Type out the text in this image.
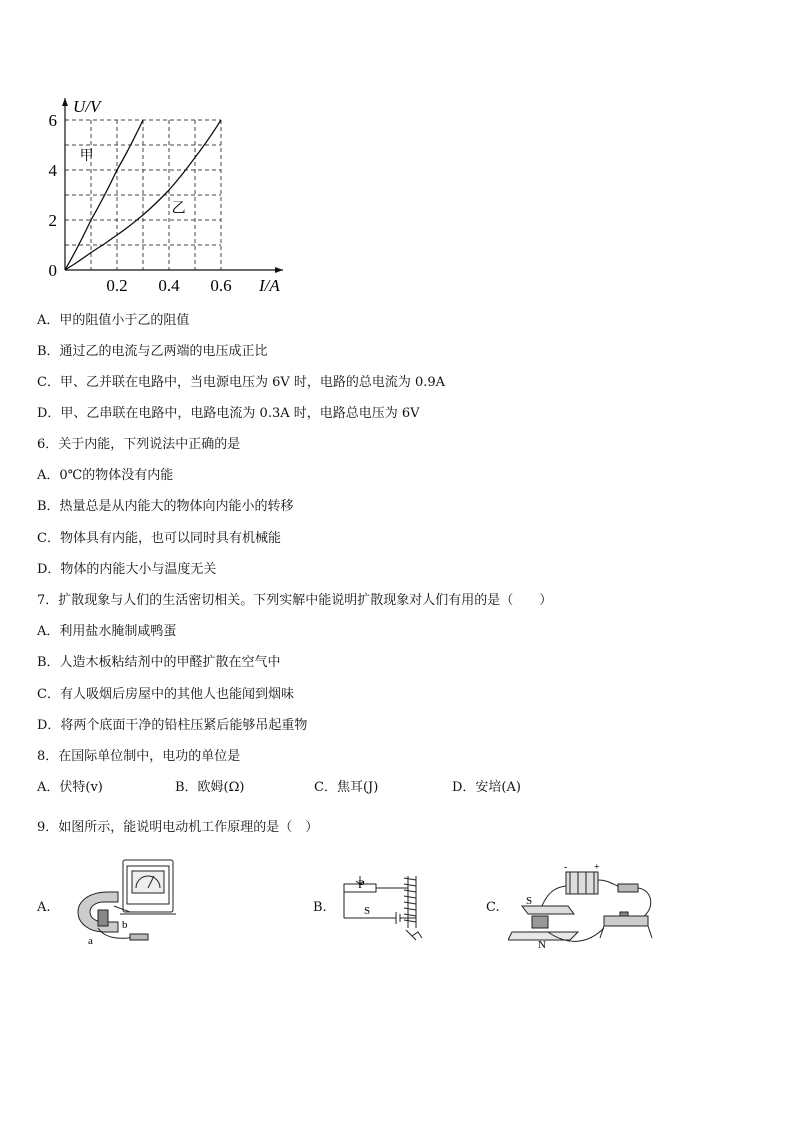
甲
乙
0
2
4
6
0.2 0.4 0.6
U/V
I/A
A．甲的阻值小于乙的阻值
B．通过乙的电流与乙两端的电压成正比
C．甲、乙并联在电路中，当电源电压为 6V 时，电路的总电流为 0.9A
D．甲、乙串联在电路中，电路电流为 0.3A 时，电路总电压为 6V
6．关于内能，下列说法中正确的是
A．0℃的物体没有内能
B．热量总是从内能大的物体向内能小的转移
C．物体具有内能，也可以同时具有机械能
D．物体的内能大小与温度无关
7．扩散现象与人们的生活密切相关。下列实解中能说明扩散现象对人们有用的是（　　）
A．利用盐水腌制咸鸭蛋
B．人造木板粘结剂中的甲醛扩散在空气中
C．有人吸烟后房屋中的其他人也能闻到烟味
D．将两个底面干净的铅柱压紧后能够吊起重物
8．在国际单位制中，电功的单位是
A．伏特(v)	B．欧姆(Ω)	C．焦耳(J)	D．安培(A)
9．如图所示，能说明电动机工作原理的是（　）
A.	B.	C.
a
b
P
S
S
N
-	+
